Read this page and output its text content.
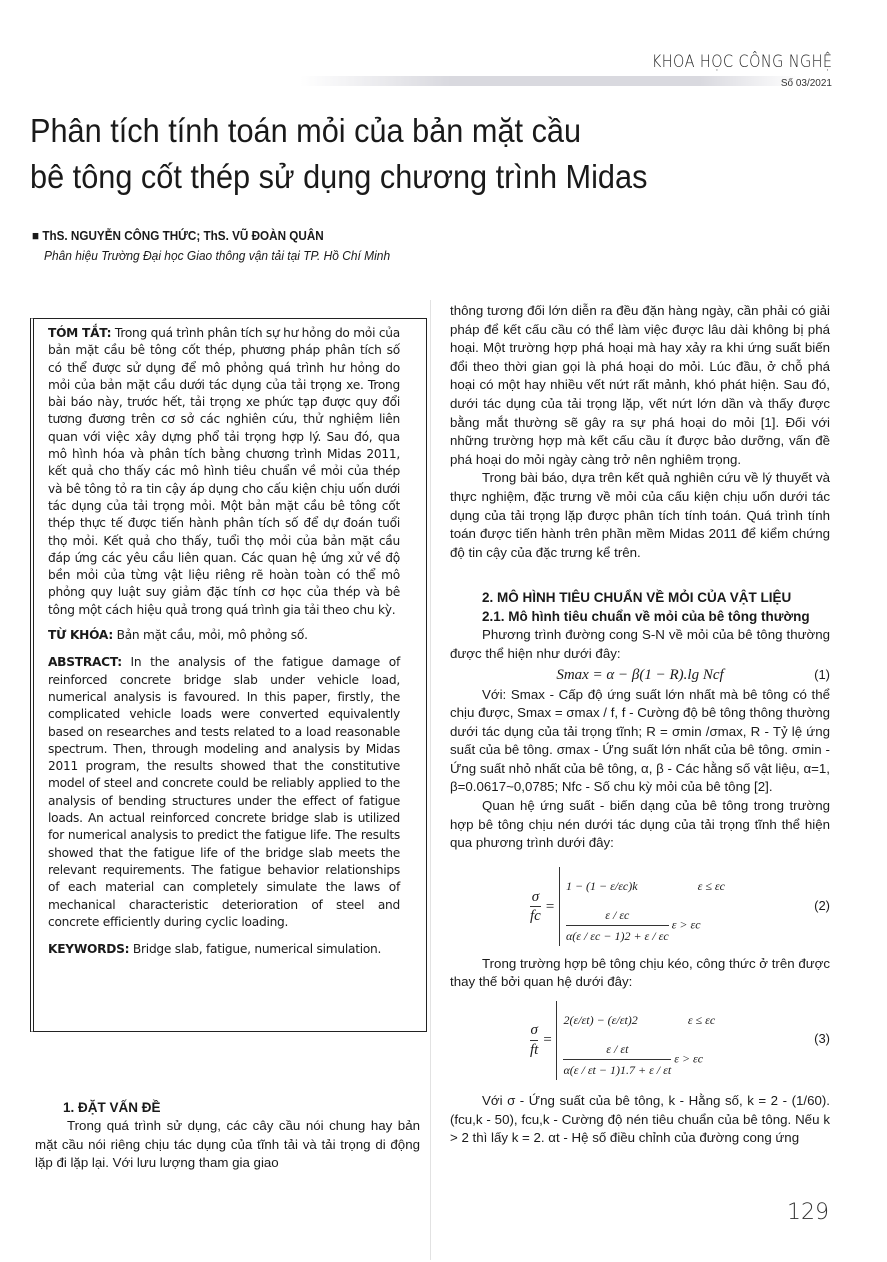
KHOA HỌC CÔNG NGHỆ
Số 03/2021
Phân tích tính toán mỏi của bản mặt cầu
bê tông cốt thép sử dụng chương trình Midas
■ ThS. NGUYỄN CÔNG THỨC; ThS. VŨ ĐOÀN QUÂN
Phân hiệu Trường Đại học Giao thông vận tải tại TP. Hồ Chí Minh

TÓM TẮT: Trong quá trình phân tích sự hư hỏng do mỏi của bản mặt cầu bê tông cốt thép, phương pháp phân tích số có thể được sử dụng để mô phỏng quá trình hư hỏng do mỏi của bản mặt cầu dưới tác dụng của tải trọng xe. Trong bài báo này, trước hết, tải trọng xe phức tạp được quy đổi tương đương trên cơ sở các nghiên cứu, thử nghiệm liên quan với việc xây dựng phổ tải trọng hợp lý. Sau đó, qua mô hình hóa và phân tích bằng chương trình Midas 2011, kết quả cho thấy các mô hình tiêu chuẩn về mỏi của thép và bê tông tỏ ra tin cậy áp dụng cho cấu kiện chịu uốn dưới tác dụng của tải trọng mỏi. Một bản mặt cầu bê tông cốt thép thực tế được tiến hành phân tích số để dự đoán tuổi thọ mỏi. Kết quả cho thấy, tuổi thọ mỏi của bản mặt cầu đáp ứng các yêu cầu liên quan. Các quan hệ ứng xử về độ bền mỏi của từng vật liệu riêng rẽ hoàn toàn có thể mô phỏng quy luật suy giảm đặc tính cơ học của thép và bê tông một cách hiệu quả trong quá trình gia tải theo chu kỳ.

TỪ KHÓA: Bản mặt cầu, mỏi, mô phỏng số.

ABSTRACT: In the analysis of the fatigue damage of reinforced concrete bridge slab under vehicle load, numerical analysis is favoured. In this paper, firstly, the complicated vehicle loads were converted equivalently based on researches and tests related to a load reasonable spectrum. Then, through modeling and analysis by Midas 2011 program, the results showed that the constitutive model of steel and concrete could be reliably applied to the analysis of bending structures under the effect of fatigue loads. An actual reinforced concrete bridge slab is utilized for numerical analysis to predict the fatigue life. The results showed that the fatigue life of the bridge slab meets the relevant requirements. The fatigue behavior relationships of each material can completely simulate the laws of mechanical characteristic deterioration of steel and concrete efficiently during cyclic loading.

KEYWORDS: Bridge slab, fatigue, numerical simulation.

1. ĐẶT VẤN ĐỀ

Trong quá trình sử dụng, các cây cầu nói chung hay bản mặt cầu nói riêng chịu tác dụng của tĩnh tải và tải trọng di động lặp đi lặp lại. Với lưu lượng tham gia giao

thông tương đối lớn diễn ra đều đặn hàng ngày, cần phải có giải pháp để kết cấu cầu có thể làm việc được lâu dài không bị phá hoại. Một trường hợp phá hoại mà hay xảy ra khi ứng suất biến đổi theo thời gian gọi là phá hoại do mỏi. Lúc đầu, ở chỗ phá hoại có một hay nhiều vết nứt rất mảnh, khó phát hiện. Sau đó, dưới tác dụng của tải trọng lặp, vết nứt lớn dần và thấy được bằng mắt thường sẽ gây ra sự phá hoại do mỏi [1]. Đối với những trường hợp mà kết cấu cầu ít được bảo dưỡng, vấn đề phá hoại do mỏi ngày càng trở nên nghiêm trọng.

Trong bài báo, dựa trên kết quả nghiên cứu về lý thuyết và thực nghiệm, đặc trưng về mỏi của cấu kiện chịu uốn dưới tác dụng của tải trọng lặp được phân tích tính toán. Quá trình tính toán được tiến hành trên phần mềm Midas 2011 để kiểm chứng độ tin cậy của đặc trưng kể trên.

2. MÔ HÌNH TIÊU CHUẨN VỀ MỎI CỦA VẬT LIỆU
2.1. Mô hình tiêu chuẩn về mỏi của bê tông thường

Phương trình đường cong S-N về mỏi của bê tông thường được thể hiện như dưới đây:

Smax = α − β(1 − R).lg Ncf	(1)

Với: Smax - Cấp độ ứng suất lớn nhất mà bê tông có thể chịu được, Smax = σmax / f, f - Cường độ bê tông thông thường dưới tác dụng của tải trọng tĩnh; R = σmin /σmax, R - Tỷ lệ ứng suất của bê tông. σmax - Ứng suất lớn nhất của bê tông. σmin - Ứng suất nhỏ nhất của bê tông, α, β - Các hằng số vật liệu, α=1, β=0.0617~0,0785; Nfc - Số chu kỳ mỏi của bê tông [2].

Quan hệ ứng suất - biến dạng của bê tông trong trường hợp bê tông chịu nén dưới tác dụng của tải trọng tĩnh thể hiện qua phương trình dưới đây:

$\frac{\sigma}{fc}$ =
1 − (1 − ε/εc)k	ε ≤ εc
$\frac{\varepsilon / \varepsilon c}{\alpha(\varepsilon / \varepsilon c - 1)2 + \varepsilon / \varepsilon c}$ ε > εc
(2)

Trong trường hợp bê tông chịu kéo, công thức ở trên được thay thế bởi quan hệ dưới đây:

$\frac{\sigma}{ft}$ =
2(ε/εt) − (ε/εt)2	ε ≤ εc
$\frac{\varepsilon / \varepsilon t}{\alpha(\varepsilon / \varepsilon t - 1)1.7 + \varepsilon / \varepsilon t}$ ε > εc
(3)

Với σ - Ứng suất của bê tông, k - Hằng số, k = 2 - (1/60).(fcu,k - 50), fcu,k - Cường độ nén tiêu chuẩn của bê tông. Nếu k > 2 thì lấy k = 2. αt - Hệ số điều chỉnh của đường cong ứng

129
